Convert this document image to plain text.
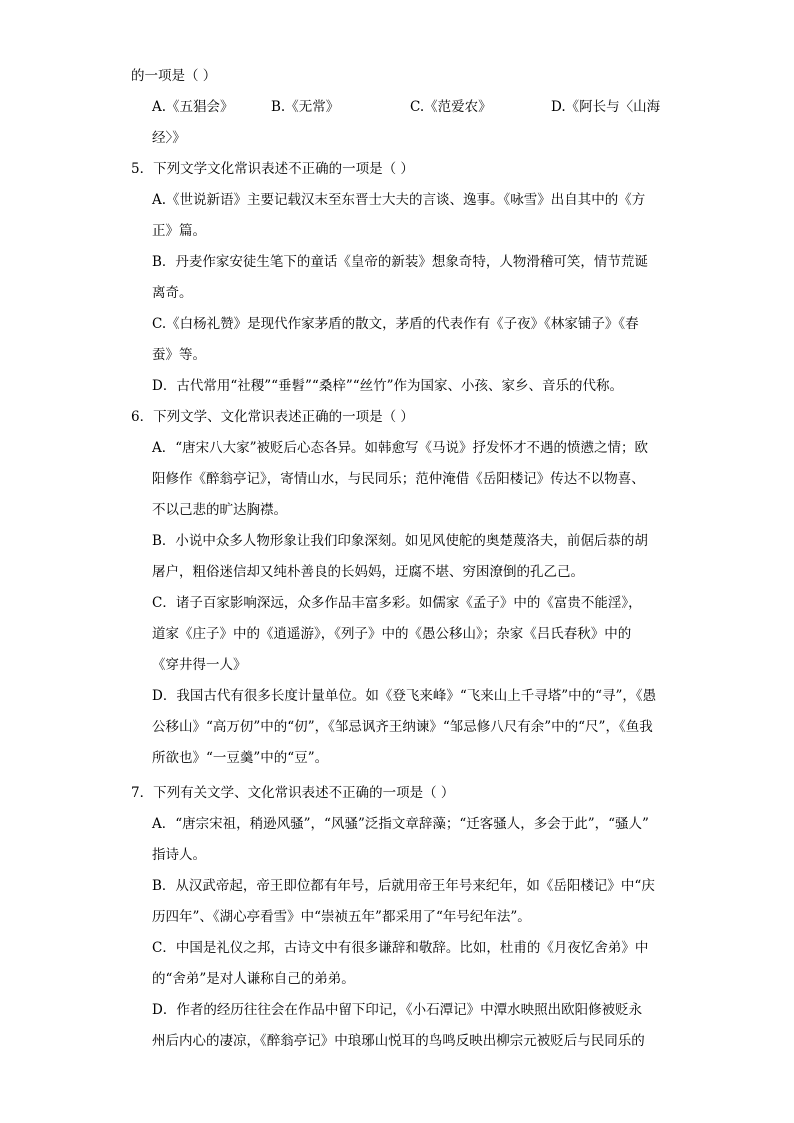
的一项是（ ）
A.《五猖会》	B.《无常》	C.《范爱农》	D.《阿长与〈山海
经〉》
5．下列文学文化常识表述不正确的一项是（ ）
A.《世说新语》主要记载汉末至东晋士大夫的言谈、逸事。《咏雪》出自其中的《方
正》篇。
B．丹麦作家安徒生笔下的童话《皇帝的新装》想象奇特，人物滑稽可笑，情节荒诞
离奇。
C.《白杨礼赞》是现代作家茅盾的散文，茅盾的代表作有《子夜》《林家铺子》《春
蚕》等。
D．古代常用“社稷”“垂髫”“桑梓”“丝竹”作为国家、小孩、家乡、音乐的代称。
6．下列文学、文化常识表述正确的一项是（ ）
A．“唐宋八大家”被贬后心态各异。如韩愈写《马说》抒发怀才不遇的愤懑之情；欧
阳修作《醉翁亭记》，寄情山水，与民同乐；范仲淹借《岳阳楼记》传达不以物喜、
不以己悲的旷达胸襟。
B．小说中众多人物形象让我们印象深刻。如见风使舵的奥楚蔑洛夫，前倨后恭的胡
屠户，粗俗迷信却又纯朴善良的长妈妈，迂腐不堪、穷困潦倒的孔乙己。
C．诸子百家影响深远，众多作品丰富多彩。如儒家《孟子》中的《富贵不能淫》，
道家《庄子》中的《逍遥游》，《列子》中的《愚公移山》；杂家《吕氏春秋》中的
《穿井得一人》
D．我国古代有很多长度计量单位。如《登飞来峰》“飞来山上千寻塔”中的“寻”，《愚
公移山》“高万仞”中的“仞”，《邹忌讽齐王纳谏》“邹忌修八尺有余”中的“尺”，《鱼我
所欲也》“一豆羹”中的“豆”。
7．下列有关文学、文化常识表述不正确的一项是（ ）
A．“唐宗宋祖，稍逊风骚”，“风骚”泛指文章辞藻；“迁客骚人，多会于此”，“骚人”
指诗人。
B．从汉武帝起，帝王即位都有年号，后就用帝王年号来纪年，如《岳阳楼记》中“庆
历四年”、《湖心亭看雪》中“崇祯五年”都采用了“年号纪年法”。
C．中国是礼仪之邦，古诗文中有很多谦辞和敬辞。比如，杜甫的《月夜忆舍弟》中
的“舍弟”是对人谦称自己的弟弟。
D．作者的经历往往会在作品中留下印记，《小石潭记》中潭水映照出欧阳修被贬永
州后内心的凄凉，《醉翁亭记》中琅琊山悦耳的鸟鸣反映出柳宗元被贬后与民同乐的
